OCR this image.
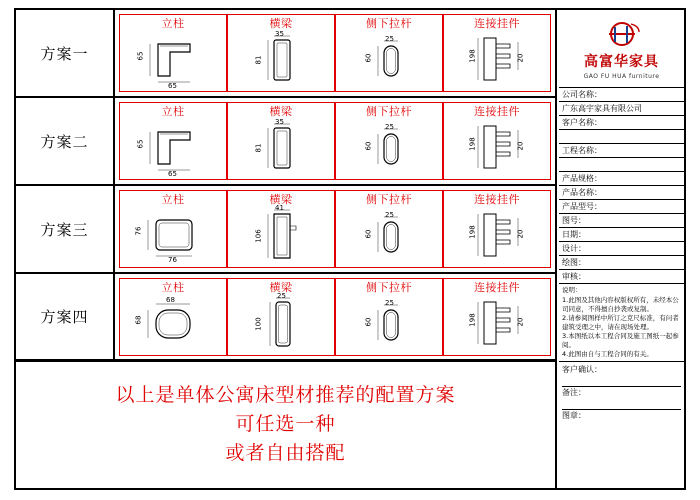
方案一
立柱
65
65
横梁
35
81
侧下拉杆
25
60
连接挂件
198	20
方案二
立柱
65
65
横梁
35
81
侧下拉杆
25
60
连接挂件
198	20
方案三
立柱
76
76
横梁
41
106
侧下拉杆
25
60
连接挂件
198	20
方案四
立柱
68
68
横梁
25
100
侧下拉杆
25
60
连接挂件
198	20
以上是单体公寓床型材推荐的配置方案
可任选一种
或者自由搭配
高富华家具
GAO FU HUA furniture
公司名称：
广东高宇家具有限公司
客户名称：
工程名称：
产品规格：
产品名称：
产品型号：
图号：
日期：
设计：
绘图：
审核：
说明：
1.此图及其他内容权版权所有，未经本公司同意，不得擅自抄袭或复制。
2.请参阅图样中所订之克尺标准，有问者建筑受理之中，请在现场处理。
3.本图纸以本工程合同及施工图纸一起参阅。
4.此图由自与工程合同的有关。
客户确认：
备注：
图章：
